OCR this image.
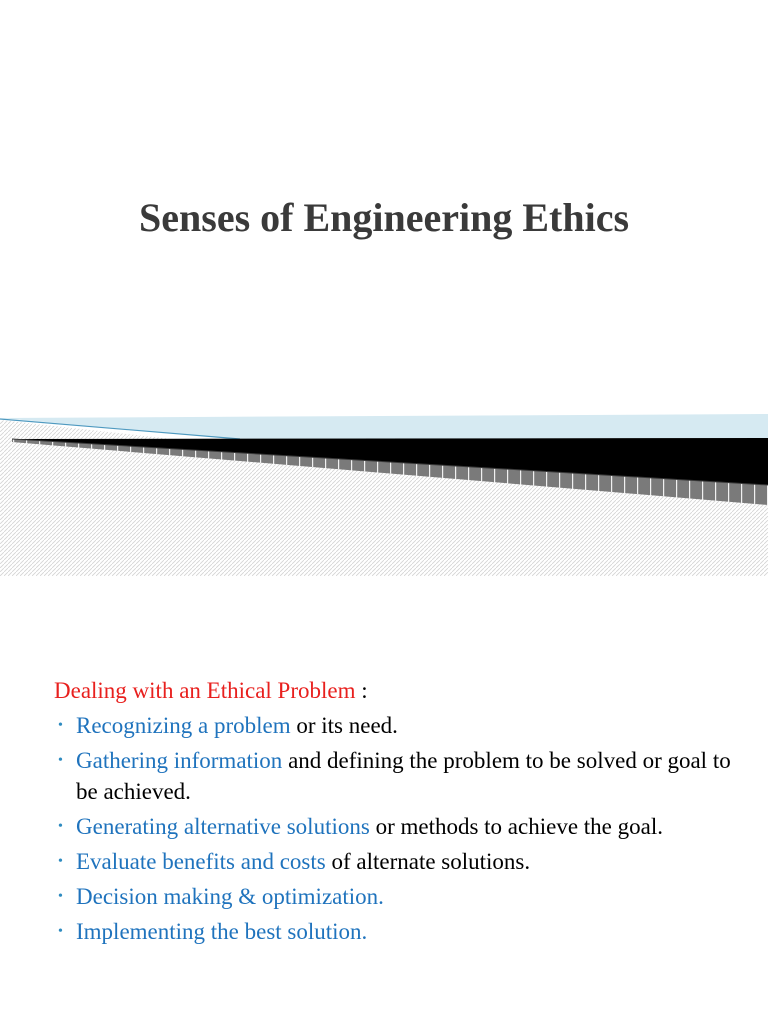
Senses of Engineering Ethics

Dealing with an Ethical Problem :

• Recognizing a problem or its need.
• Gathering information and defining the problem to be solved or goal to be achieved.
• Generating alternative solutions or methods to achieve the goal.
• Evaluate benefits and costs of alternate solutions.
• Decision making & optimization.
• Implementing the best solution.
